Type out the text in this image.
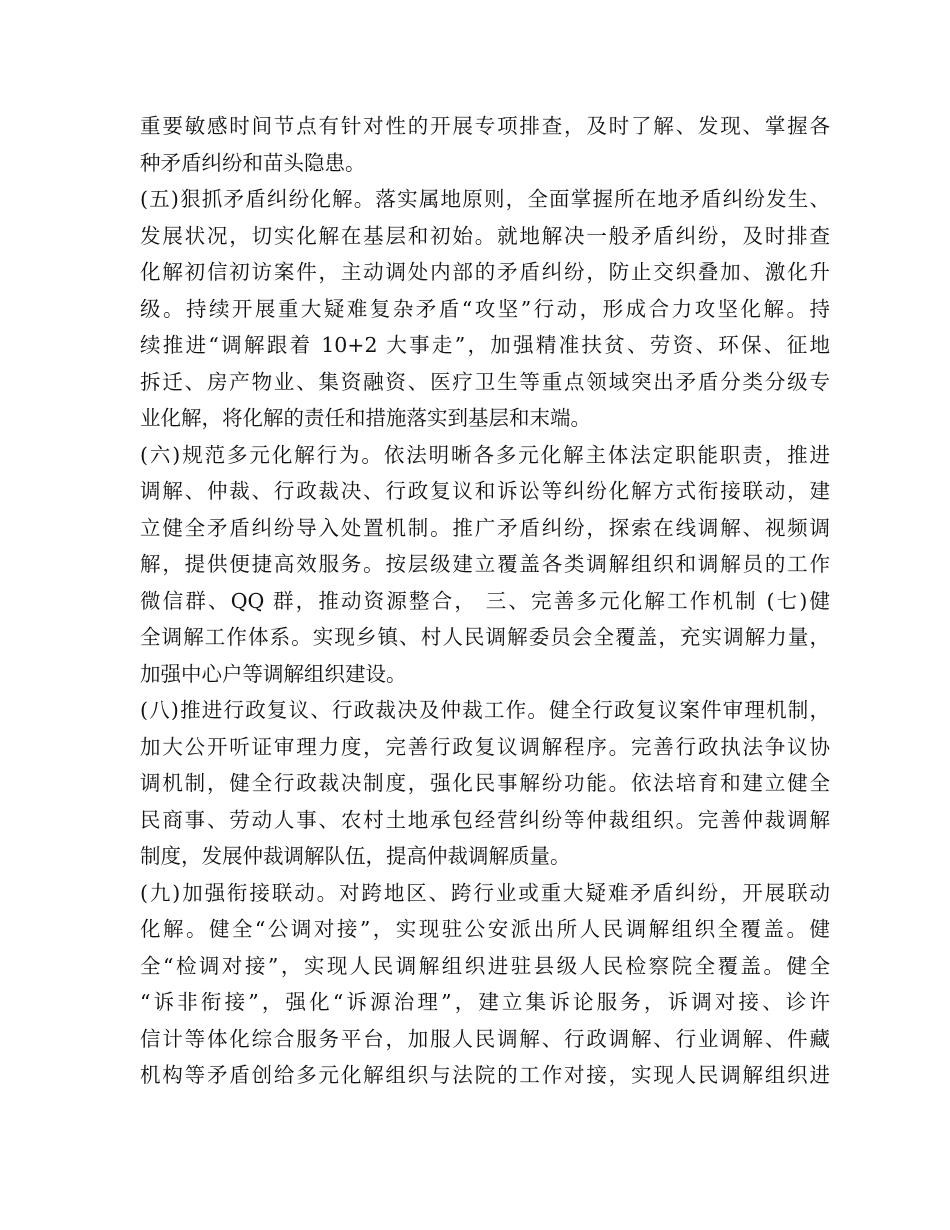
重要敏感时间节点有针对性的开展专项排查，及时了解、发现、掌握各
种矛盾纠纷和苗头隐患。
(五)狠抓矛盾纠纷化解。落实属地原则，全面掌握所在地矛盾纠纷发生、
发展状况，切实化解在基层和初始。就地解决一般矛盾纠纷，及时排查
化解初信初访案件，主动调处内部的矛盾纠纷，防止交织叠加、激化升
级。持续开展重大疑难复杂矛盾“攻坚”行动，形成合力攻坚化解。持
续推进“调解跟着 10+2 大事走”，加强精准扶贫、劳资、环保、征地
拆迁、房产物业、集资融资、医疗卫生等重点领域突出矛盾分类分级专
业化解，将化解的责任和措施落实到基层和末端。
(六)规范多元化解行为。依法明晰各多元化解主体法定职能职责，推进
调解、仲裁、行政裁决、行政复议和诉讼等纠纷化解方式衔接联动，建
立健全矛盾纠纷导入处置机制。推广矛盾纠纷，探索在线调解、视频调
解，提供便捷高效服务。按层级建立覆盖各类调解组织和调解员的工作
微信群、QQ 群，推动资源整合， 三、完善多元化解工作机制 (七)健
全调解工作体系。实现乡镇、村人民调解委员会全覆盖，充实调解力量，
加强中心户等调解组织建设。
(八)推进行政复议、行政裁决及仲裁工作。健全行政复议案件审理机制，
加大公开听证审理力度，完善行政复议调解程序。完善行政执法争议协
调机制，健全行政裁决制度，强化民事解纷功能。依法培育和建立健全
民商事、劳动人事、农村土地承包经营纠纷等仲裁组织。完善仲裁调解
制度，发展仲裁调解队伍，提高仲裁调解质量。
(九)加强衔接联动。对跨地区、跨行业或重大疑难矛盾纠纷，开展联动
化解。健全“公调对接”，实现驻公安派出所人民调解组织全覆盖。健
全“检调对接”，实现人民调解组织进驻县级人民检察院全覆盖。健全
“诉非衔接”，强化“诉源治理”，建立集诉论服务，诉调对接、诊许
信计等体化综合服务平台，加服人民调解、行政调解、行业调解、件藏
机构等矛盾创给多元化解组织与法院的工作对接，实现人民调解组织进
